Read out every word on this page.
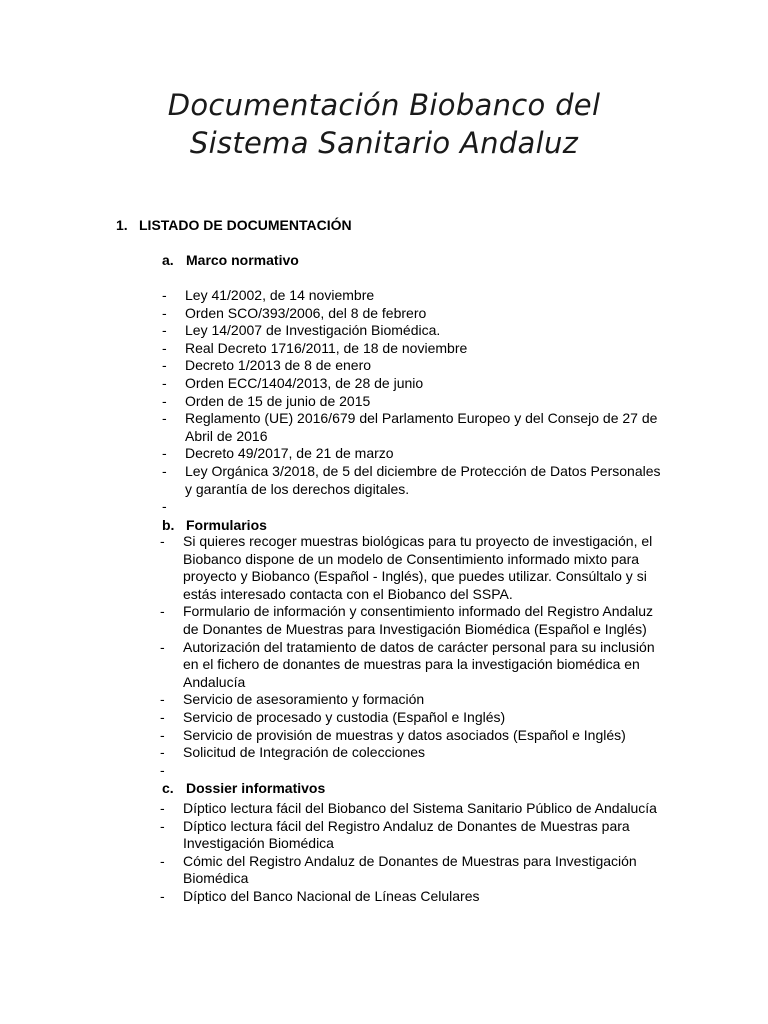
Documentación Biobanco del
Sistema Sanitario Andaluz
1. LISTADO DE DOCUMENTACIÓN
a. Marco normativo
- Ley 41/2002, de 14 noviembre
- Orden SCO/393/2006, del 8 de febrero
- Ley 14/2007 de Investigación Biomédica.
- Real Decreto 1716/2011, de 18 de noviembre
- Decreto 1/2013 de 8 de enero
- Orden ECC/1404/2013, de 28 de junio
- Orden de 15 de junio de 2015
- Reglamento (UE) 2016/679 del Parlamento Europeo y del Consejo de 27 de
Abril de 2016
- Decreto 49/2017, de 21 de marzo
- Ley Orgánica 3/2018, de 5 del diciembre de Protección de Datos Personales
y garantía de los derechos digitales.
-

b. Formularios
- Si quieres recoger muestras biológicas para tu proyecto de investigación, el
Biobanco dispone de un modelo de Consentimiento informado mixto para
proyecto y Biobanco (Español - Inglés), que puedes utilizar. Consúltalo y si
estás interesado contacta con el Biobanco del SSPA.
- Formulario de información y consentimiento informado del Registro Andaluz
de Donantes de Muestras para Investigación Biomédica (Español e Inglés)
- Autorización del tratamiento de datos de carácter personal para su inclusión
en el fichero de donantes de muestras para la investigación biomédica en
Andalucía
- Servicio de asesoramiento y formación
- Servicio de procesado y custodia (Español e Inglés)
- Servicio de provisión de muestras y datos asociados (Español e Inglés)
- Solicitud de Integración de colecciones
-

c. Dossier informativos
- Díptico lectura fácil del Biobanco del Sistema Sanitario Público de Andalucía
- Díptico lectura fácil del Registro Andaluz de Donantes de Muestras para
Investigación Biomédica
- Cómic del Registro Andaluz de Donantes de Muestras para Investigación
Biomédica
- Díptico del Banco Nacional de Líneas Celulares
